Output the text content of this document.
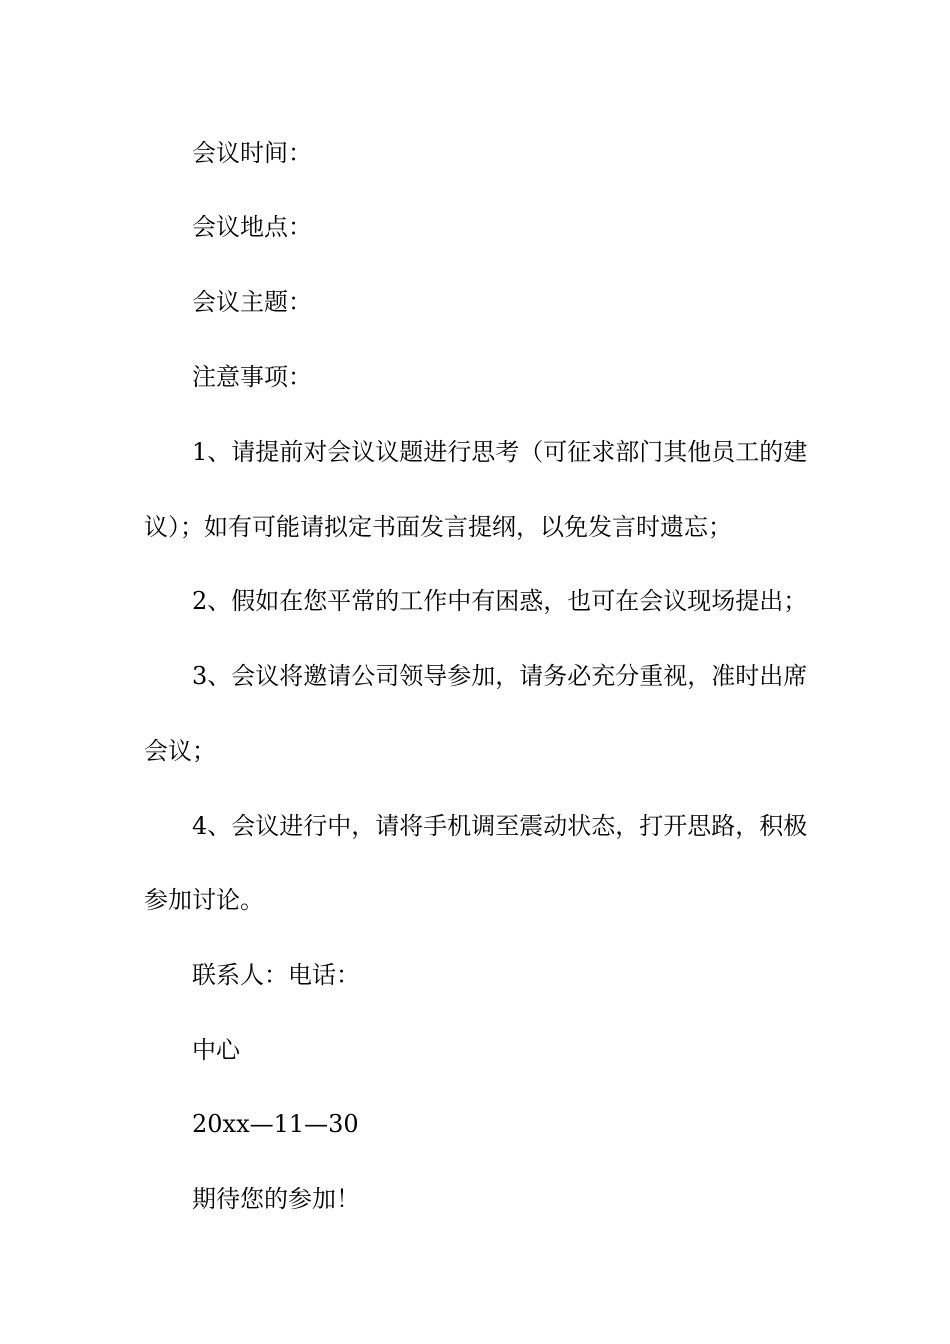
会议时间：
会议地点：
会议主题：
注意事项：
1、请提前对会议议题进行思考（可征求部门其他员工的建
议）；如有可能请拟定书面发言提纲，以免发言时遗忘；
2、假如在您平常的工作中有困惑，也可在会议现场提出；
3、会议将邀请公司领导参加，请务必充分重视，准时出席
会议；
4、会议进行中，请将手机调至震动状态，打开思路，积极
参加讨论。
联系人：电话：
中心
20xx—11—30
期待您的参加！
